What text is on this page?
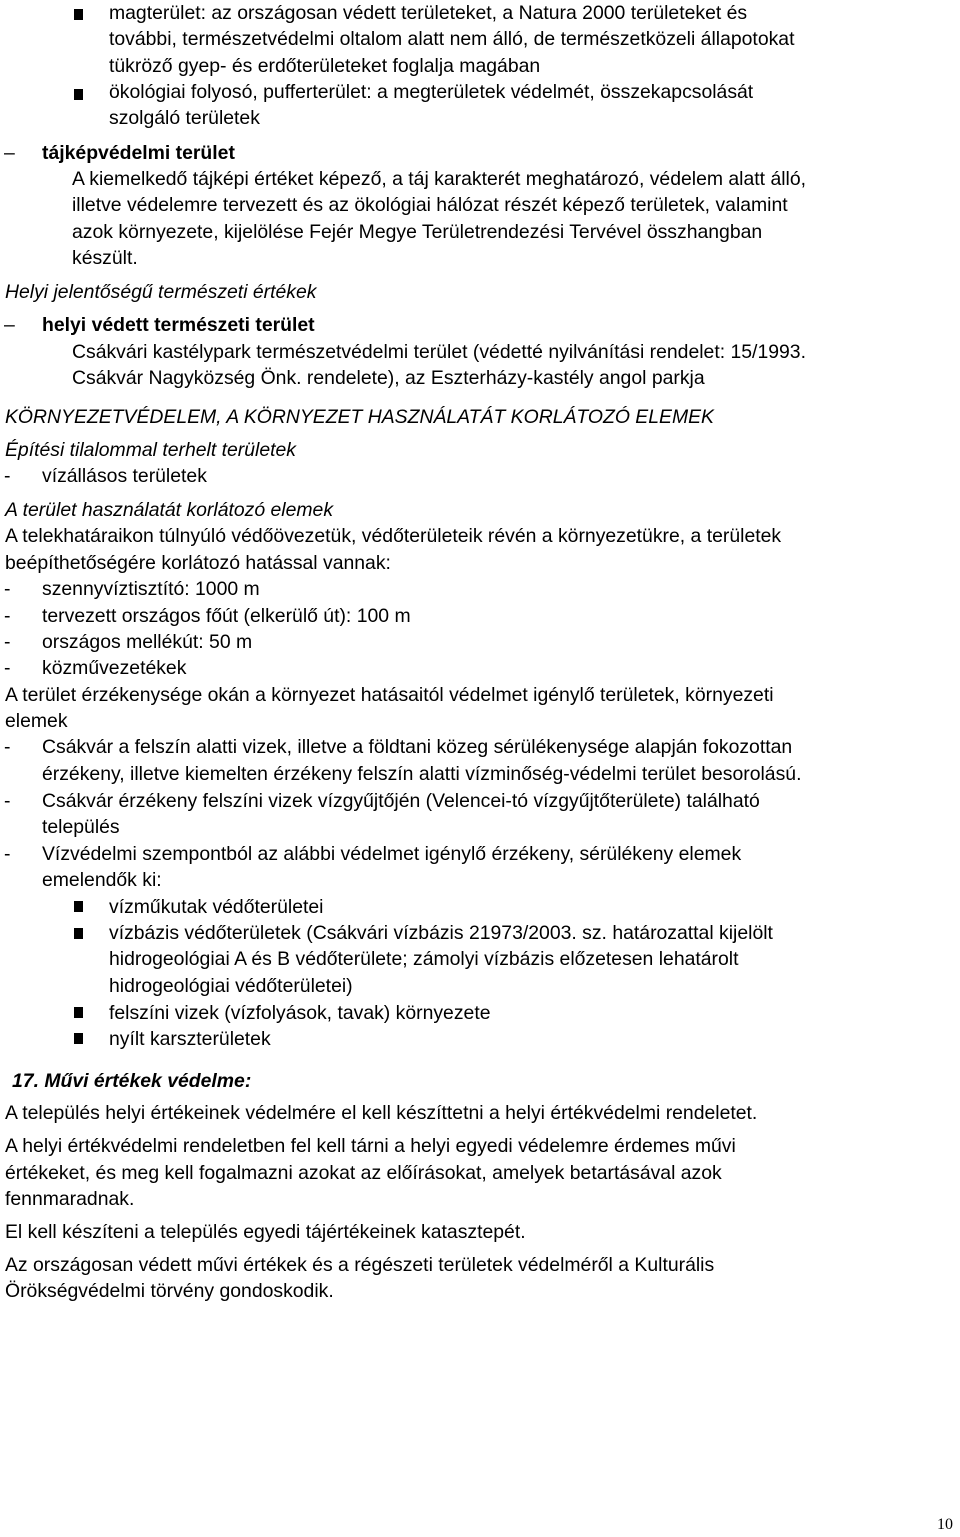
–
–
-
-
-
-
-
-
-
-
magterület: az országosan védett területeket, a Natura 2000 területeket és
további, természetvédelmi oltalom alatt nem álló, de természetközeli állapotokat
tükröző gyep- és erdőterületeket foglalja magában
ökológiai folyosó, pufferterület: a megterületek védelmét, összekapcsolását
szolgáló területek
tájképvédelmi terület
A kiemelkedő tájképi értéket képező, a táj karakterét meghatározó, védelem alatt álló,
illetve védelemre tervezett és az ökológiai hálózat részét képező területek, valamint
azok környezete, kijelölése Fejér Megye Területrendezési Tervével összhangban
készült.
Helyi jelentőségű természeti értékek
helyi védett természeti terület
Csákvári kastélypark természetvédelmi terület (védetté nyilvánítási rendelet: 15/1993.
Csákvár Nagyközség Önk. rendelete), az Eszterházy-kastély angol parkja
KÖRNYEZETVÉDELEM, A KÖRNYEZET HASZNÁLATÁT KORLÁTOZÓ ELEMEK
Építési tilalommal terhelt területek
vízállásos területek
A terület használatát korlátozó elemek
A telekhatáraikon túlnyúló védőövezetük, védőterületeik révén a környezetükre, a területek
beépíthetőségére korlátozó hatással vannak:
szennyvíztisztító: 1000 m
tervezett országos főút (elkerülő út): 100 m
országos mellékút: 50 m
közművezetékek
A terület érzékenysége okán a környezet hatásaitól védelmet igénylő területek, környezeti
elemek
Csákvár a felszín alatti vizek, illetve a földtani közeg sérülékenysége alapján fokozottan
érzékeny, illetve kiemelten érzékeny felszín alatti vízminőség-védelmi terület besorolású.
Csákvár érzékeny felszíni vizek vízgyűjtőjén (Velencei-tó vízgyűjtőterülete) található
település
Vízvédelmi szempontból az alábbi védelmet igénylő érzékeny, sérülékeny elemek
emelendők ki:
vízműkutak védőterületei
vízbázis védőterületek (Csákvári vízbázis 21973/2003. sz. határozattal kijelölt
hidrogeológiai A és B védőterülete; zámolyi vízbázis előzetesen lehatárolt
hidrogeológiai védőterületei)
felszíni vizek (vízfolyások, tavak) környezete
nyílt karszterületek
17. Művi értékek védelme:
A település helyi értékeinek védelmére el kell készíttetni a helyi értékvédelmi rendeletet.
A helyi értékvédelmi rendeletben fel kell tárni a helyi egyedi védelemre érdemes művi
értékeket, és meg kell fogalmazni azokat az előírásokat, amelyek betartásával azok
fennmaradnak.
El kell készíteni a település egyedi tájértékeinek katasztерét.
Az országosan védett művi értékek és a régészeti területek védelméről a Kulturális
Örökségvédelmi törvény gondoskodik.
10
